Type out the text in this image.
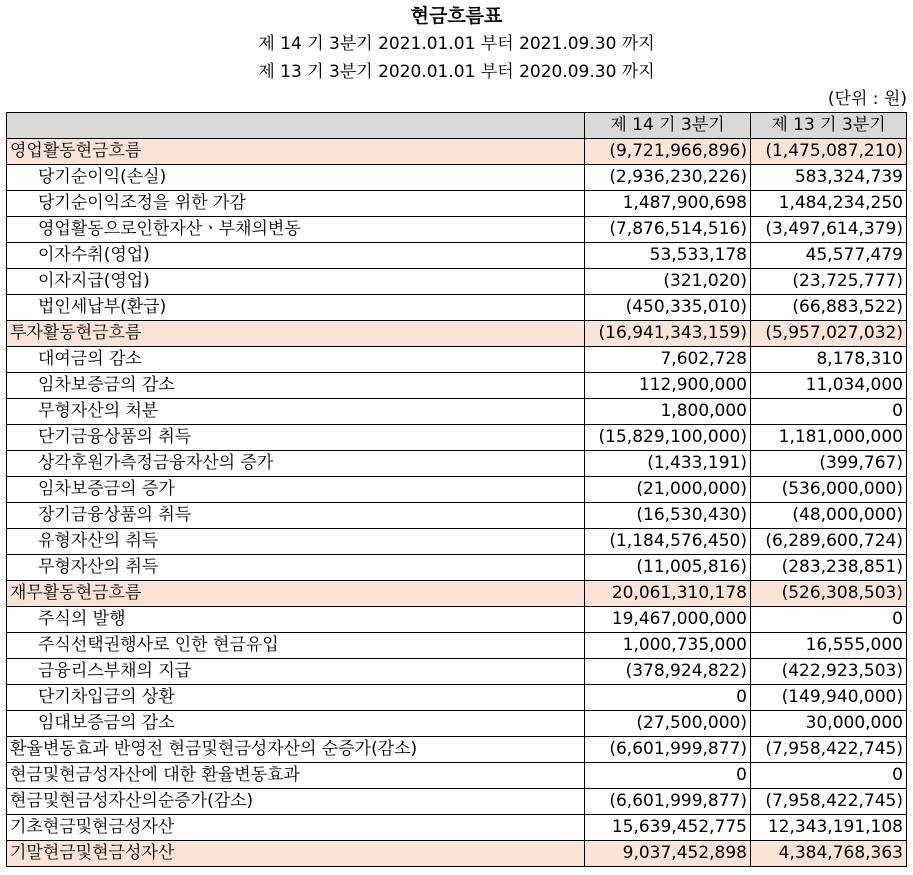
현금흐름표
제 14 기 3분기 2021.01.01 부터 2021.09.30 까지
제 13 기 3분기 2020.01.01 부터 2020.09.30 까지
(단위 : 원)
	제 14 기 3분기	제 13 기 3분기
영업활동현금흐름	(9,721,966,896)	(1,475,087,210)
당기순이익(손실)	(2,936,230,226)	583,324,739
당기순이익조정을 위한 가감	1,487,900,698	1,484,234,250
영업활동으로인한자산ㆍ부채의변동	(7,876,514,516)	(3,497,614,379)
이자수취(영업)	53,533,178	45,577,479
이자지급(영업)	(321,020)	(23,725,777)
법인세납부(환급)	(450,335,010)	(66,883,522)
투자활동현금흐름	(16,941,343,159)	(5,957,027,032)
대여금의 감소	7,602,728	8,178,310
임차보증금의 감소	112,900,000	11,034,000
무형자산의 처분	1,800,000	0
단기금융상품의 취득	(15,829,100,000)	1,181,000,000
상각후원가측정금융자산의 증가	(1,433,191)	(399,767)
임차보증금의 증가	(21,000,000)	(536,000,000)
장기금융상품의 취득	(16,530,430)	(48,000,000)
유형자산의 취득	(1,184,576,450)	(6,289,600,724)
무형자산의 취득	(11,005,816)	(283,238,851)
재무활동현금흐름	20,061,310,178	(526,308,503)
주식의 발행	19,467,000,000	0
주식선택권행사로 인한 현금유입	1,000,735,000	16,555,000
금융리스부채의 지급	(378,924,822)	(422,923,503)
단기차입금의 상환	0	(149,940,000)
임대보증금의 감소	(27,500,000)	30,000,000
환율변동효과 반영전 현금및현금성자산의 순증가(감소)	(6,601,999,877)	(7,958,422,745)
현금및현금성자산에 대한 환율변동효과	0	0
현금및현금성자산의순증가(감소)	(6,601,999,877)	(7,958,422,745)
기초현금및현금성자산	15,639,452,775	12,343,191,108
기말현금및현금성자산	9,037,452,898	4,384,768,363
